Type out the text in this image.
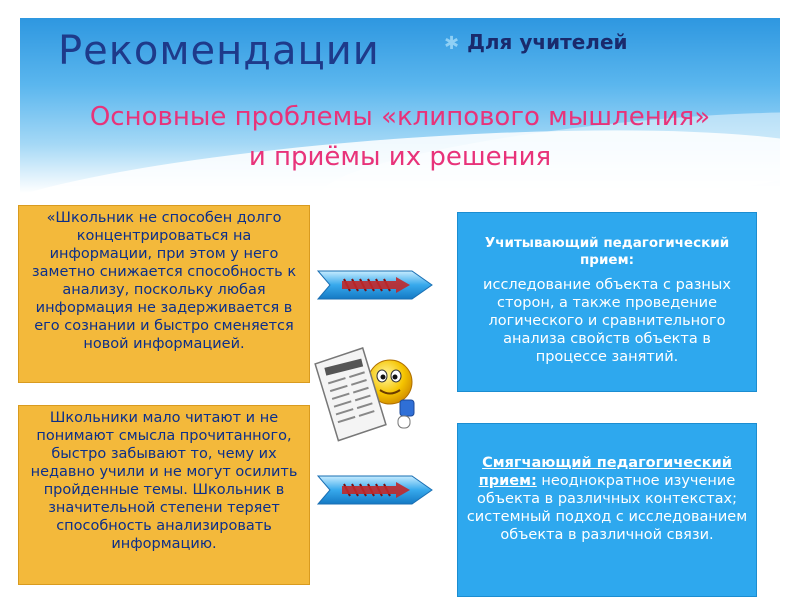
Рекомендации	✱ Для учителей
Основные проблемы «клипового мышления»
и приёмы их решения
«Школьник не способен долго концентрироваться на информации, при этом у него заметно снижается способность к анализу, поскольку любая информация не задерживается в его сознании и быстро сменяется новой информацией.
Школьники мало читают и не понимают смысла прочитанного, быстро забывают то, чему их недавно учили и не могут осилить пройденные темы. Школьник в значительной степени теряет способность анализировать информацию.
Учитывающий педагогический прием:
исследование объекта с разных сторон, а также проведение логического и сравнительного анализа свойств объекта в процессе занятий.
Смягчающий педагогический прием: неоднократное изучение объекта в различных контекстах; системный подход с исследованием объекта в различной связи.
